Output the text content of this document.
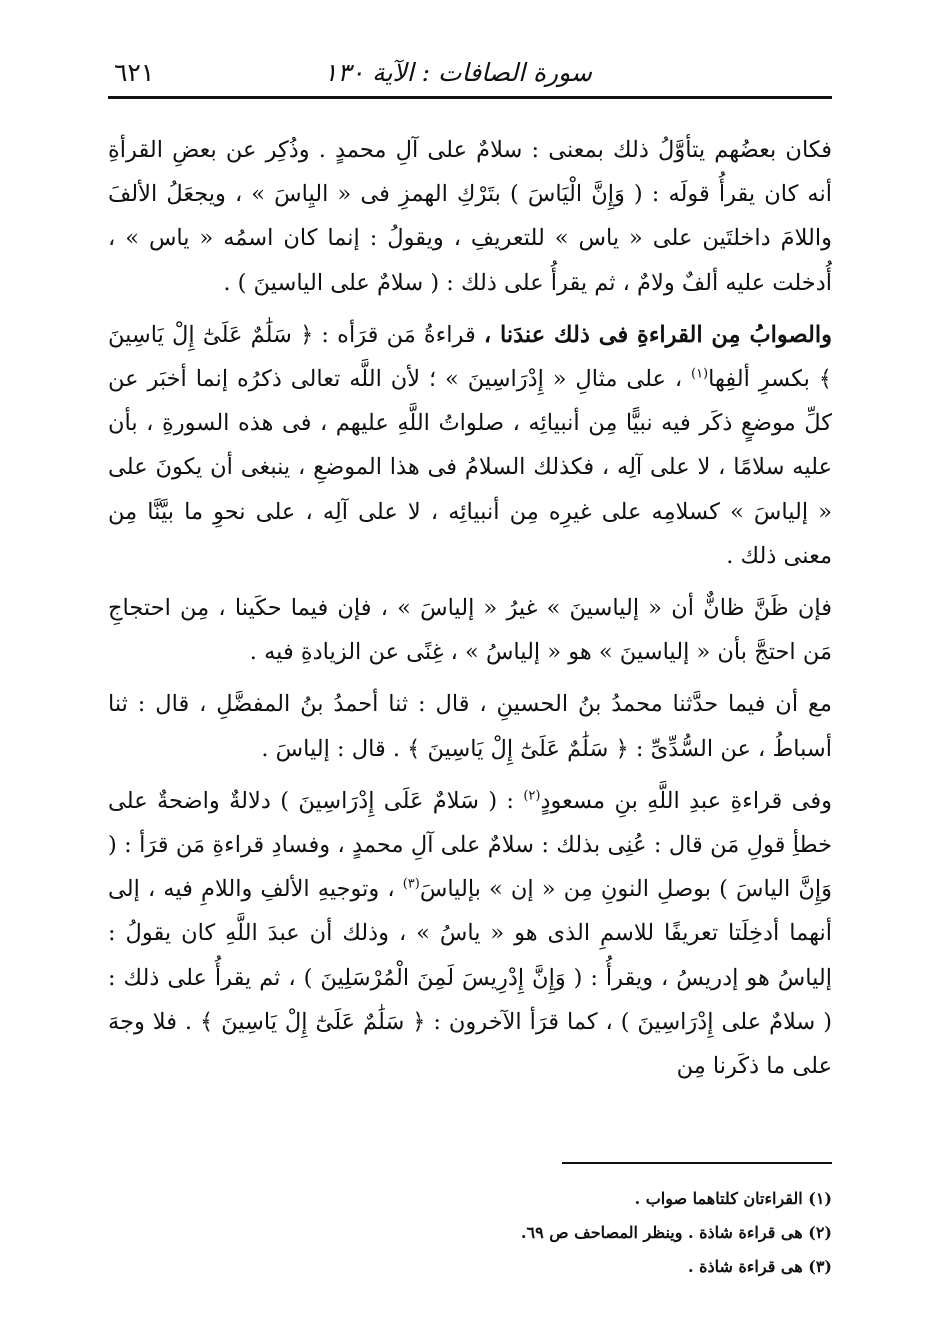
سورة الصافات : الآية ١٣٠
٦٢١

فكان بعضُهم يتأوَّلُ ذلك بمعنى : سلامٌ على آلِ محمدٍ . وذُكِر عن بعضِ القرأةِ أنه كان يقرأُ قولَه : ( وَإِنَّ الْيَاسَ ) بتَرْكِ الهمزِ فى « اليِاسَ » ، ويجعَلُ الألفَ واللامَ داخلتَين على « ياس » للتعريفِ ، ويقولُ : إنما كان اسمُه « ياس » ، أُدخلت عليه ألفٌ ولامٌ ، ثم يقرأُ على ذلك : ( سلامٌ على الياسينَ ) .

والصوابُ مِن القراءةِ فى ذلك عندَنا ، قراءةُ مَن قرَأه : ﴿ سَلَٰمٌ عَلَىٰٓ إِلْ يَاسِينَ ﴾ بكسرِ ألفِها$^{(١)}$ ، على مثالِ « إِدْرَاسِينَ » ؛ لأن اللَّه تعالى ذكرُه إنما أخبَر عن كلِّ موضعٍ ذكَر فيه نبيًّا مِن أنبيائِه ، صلواتُ اللَّهِ عليهم ، فى هذه السورةِ ، بأن عليه سلامًا ، لا على آلِه ، فكذلك السلامُ فى هذا الموضعِ ، ينبغى أن يكونَ على « إلياسَ » كسلامِه على غيرِه مِن أنبيائِه ، لا على آلِه ، على نحوِ ما بيَّنَّا مِن معنى ذلك .

فإن ظَنَّ ظانٌّ أن « إلياسينَ » غيرُ « إلياسَ » ، فإن فيما حكَينا ، مِن احتجاجِ مَن احتجَّ بأن « إلياسينَ » هو « إلياسُ » ، غِنًى عن الزيادةِ فيه .

مع أن فيما حدَّثنا محمدُ بنُ الحسينِ ، قال : ثنا أحمدُ بنُ المفضَّلِ ، قال : ثنا أسباطُ ، عن السُّدِّىِّ : ﴿ سَلَٰمٌ عَلَىٰٓ إِلْ يَاسِينَ ﴾ . قال : إلياسَ .

وفى قراءةِ عبدِ اللَّهِ بنِ مسعودٍ$^{(٢)}$ : ( سَلامٌ عَلَى إِدْرَاسِينَ ) دلالةٌ واضحةٌ على خطأِ قولِ مَن قال : عُنِى بذلك : سلامٌ على آلِ محمدٍ ، وفسادِ قراءةِ مَن قرَأ : ( وَإِنَّ الياسَ ) بوصلِ النونِ مِن « إن » بإلياسَ$^{(٣)}$ ، وتوجيهِ الألفِ واللامِ فيه ، إلى أنهما أدخِلَتا تعريفًا للاسمِ الذى هو « ياسُ » ، وذلك أن عبدَ اللَّهِ كان يقولُ : إلياسُ هو إدريسُ ، ويقرأُ : ( وَإِنَّ إِدْرِيسَ لَمِنَ الْمُرْسَلِينَ ) ، ثم يقرأُ على ذلك : ( سلامٌ على إِدْرَاسِينَ ) ، كما قرَأ الآخرون : ﴿ سَلَٰمٌ عَلَىٰٓ إِلْ يَاسِينَ ﴾ . فلا وجهَ على ما ذكَرنا مِن

(١) القراءتان كلتاهما صواب .
(٢) هى قراءة شاذة . وينظر المصاحف ص ٦٩.
(٣) هى قراءة شاذة .
